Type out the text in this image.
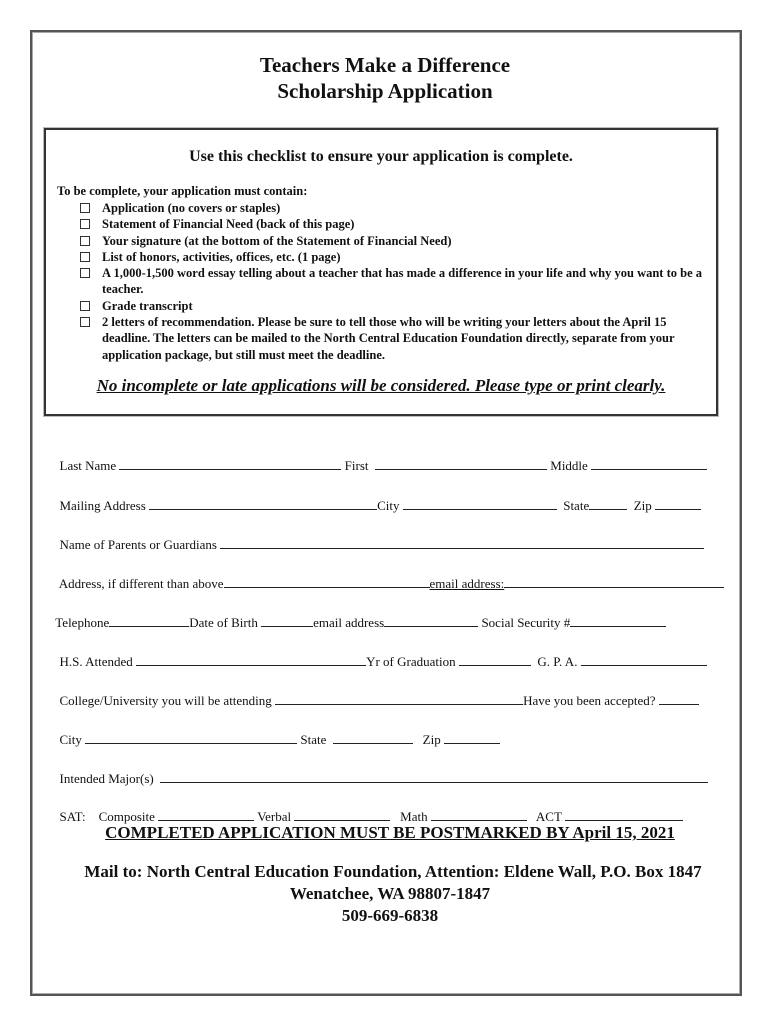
Teachers Make a Difference
Scholarship Application
Use this checklist to ensure your application is complete.
To be complete, your application must contain:
Application (no covers or staples)
Statement of Financial Need (back of this page)
Your signature (at the bottom of the Statement of Financial Need)
List of honors, activities, offices, etc. (1 page)
A 1,000-1,500 word essay telling about a teacher that has made a difference in your life and why you want to be a teacher.
Grade transcript
2 letters of recommendation. Please be sure to tell those who will be writing your letters about the April 15 deadline. The letters can be mailed to the North Central Education Foundation directly, separate from your application package, but still must meet the deadline.
No incomplete or late applications will be considered. Please type or print clearly.

Last Name	First	Middle

Mailing Address	City	State	Zip

Name of Parents or Guardians

Address, if different than above	email address:

Telephone	Date of Birth	email address	Social Security #

H.S. Attended	Yr of Graduation	G. P. A.

College/University you will be attending	Have you been accepted?

City	State	Zip

Intended Major(s)

SAT: Composite	Verbal	Math	ACT

COMPLETED APPLICATION MUST BE POSTMARKED BY April 15, 2021
Mail to: North Central Education Foundation, Attention: Eldene Wall, P.O. Box 1847
Wenatchee, WA 98807-1847
509-669-6838
